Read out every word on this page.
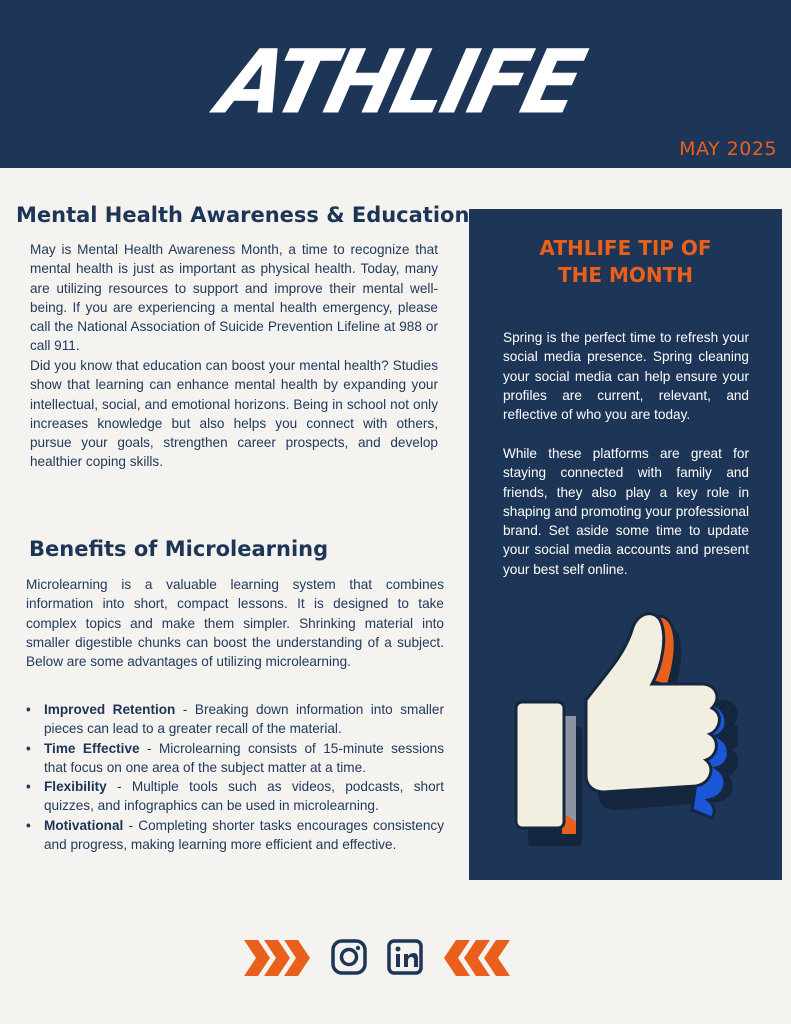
ATHLIFE
MAY 2025
Mental Health Awareness & Education

May is Mental Health Awareness Month, a time to recognize that mental health is just as important as physical health. Today, many are utilizing resources to support and improve their mental well-being. If you are experiencing a mental health emergency, please call the National Association of Suicide Prevention Lifeline at 988 or call 911.

Did you know that education can boost your mental health? Studies show that learning can enhance mental health by expanding your intellectual, social, and emotional horizons. Being in school not only increases knowledge but also helps you connect with others, pursue your goals, strengthen career prospects, and develop healthier coping skills.

Benefits of Microlearning

Microlearning is a valuable learning system that combines information into short, compact lessons. It is designed to take complex topics and make them simpler. Shrinking material into smaller digestible chunks can boost the understanding of a subject. Below are some advantages of utilizing microlearning.

• Improved Retention - Breaking down information into smaller pieces can lead to a greater recall of the material.
• Time Effective - Microlearning consists of 15-minute sessions that focus on one area of the subject matter at a time.
• Flexibility - Multiple tools such as videos, podcasts, short quizzes, and infographics can be used in microlearning.
• Motivational - Completing shorter tasks encourages consistency and progress, making learning more efficient and effective.
ATHLIFE TIP OF
THE MONTH

Spring is the perfect time to refresh your social media presence. Spring cleaning your social media can help ensure your profiles are current, relevant, and reflective of who you are today.

While these platforms are great for staying connected with family and friends, they also play a key role in shaping and promoting your professional brand. Set aside some time to update your social media accounts and present your best self online.
